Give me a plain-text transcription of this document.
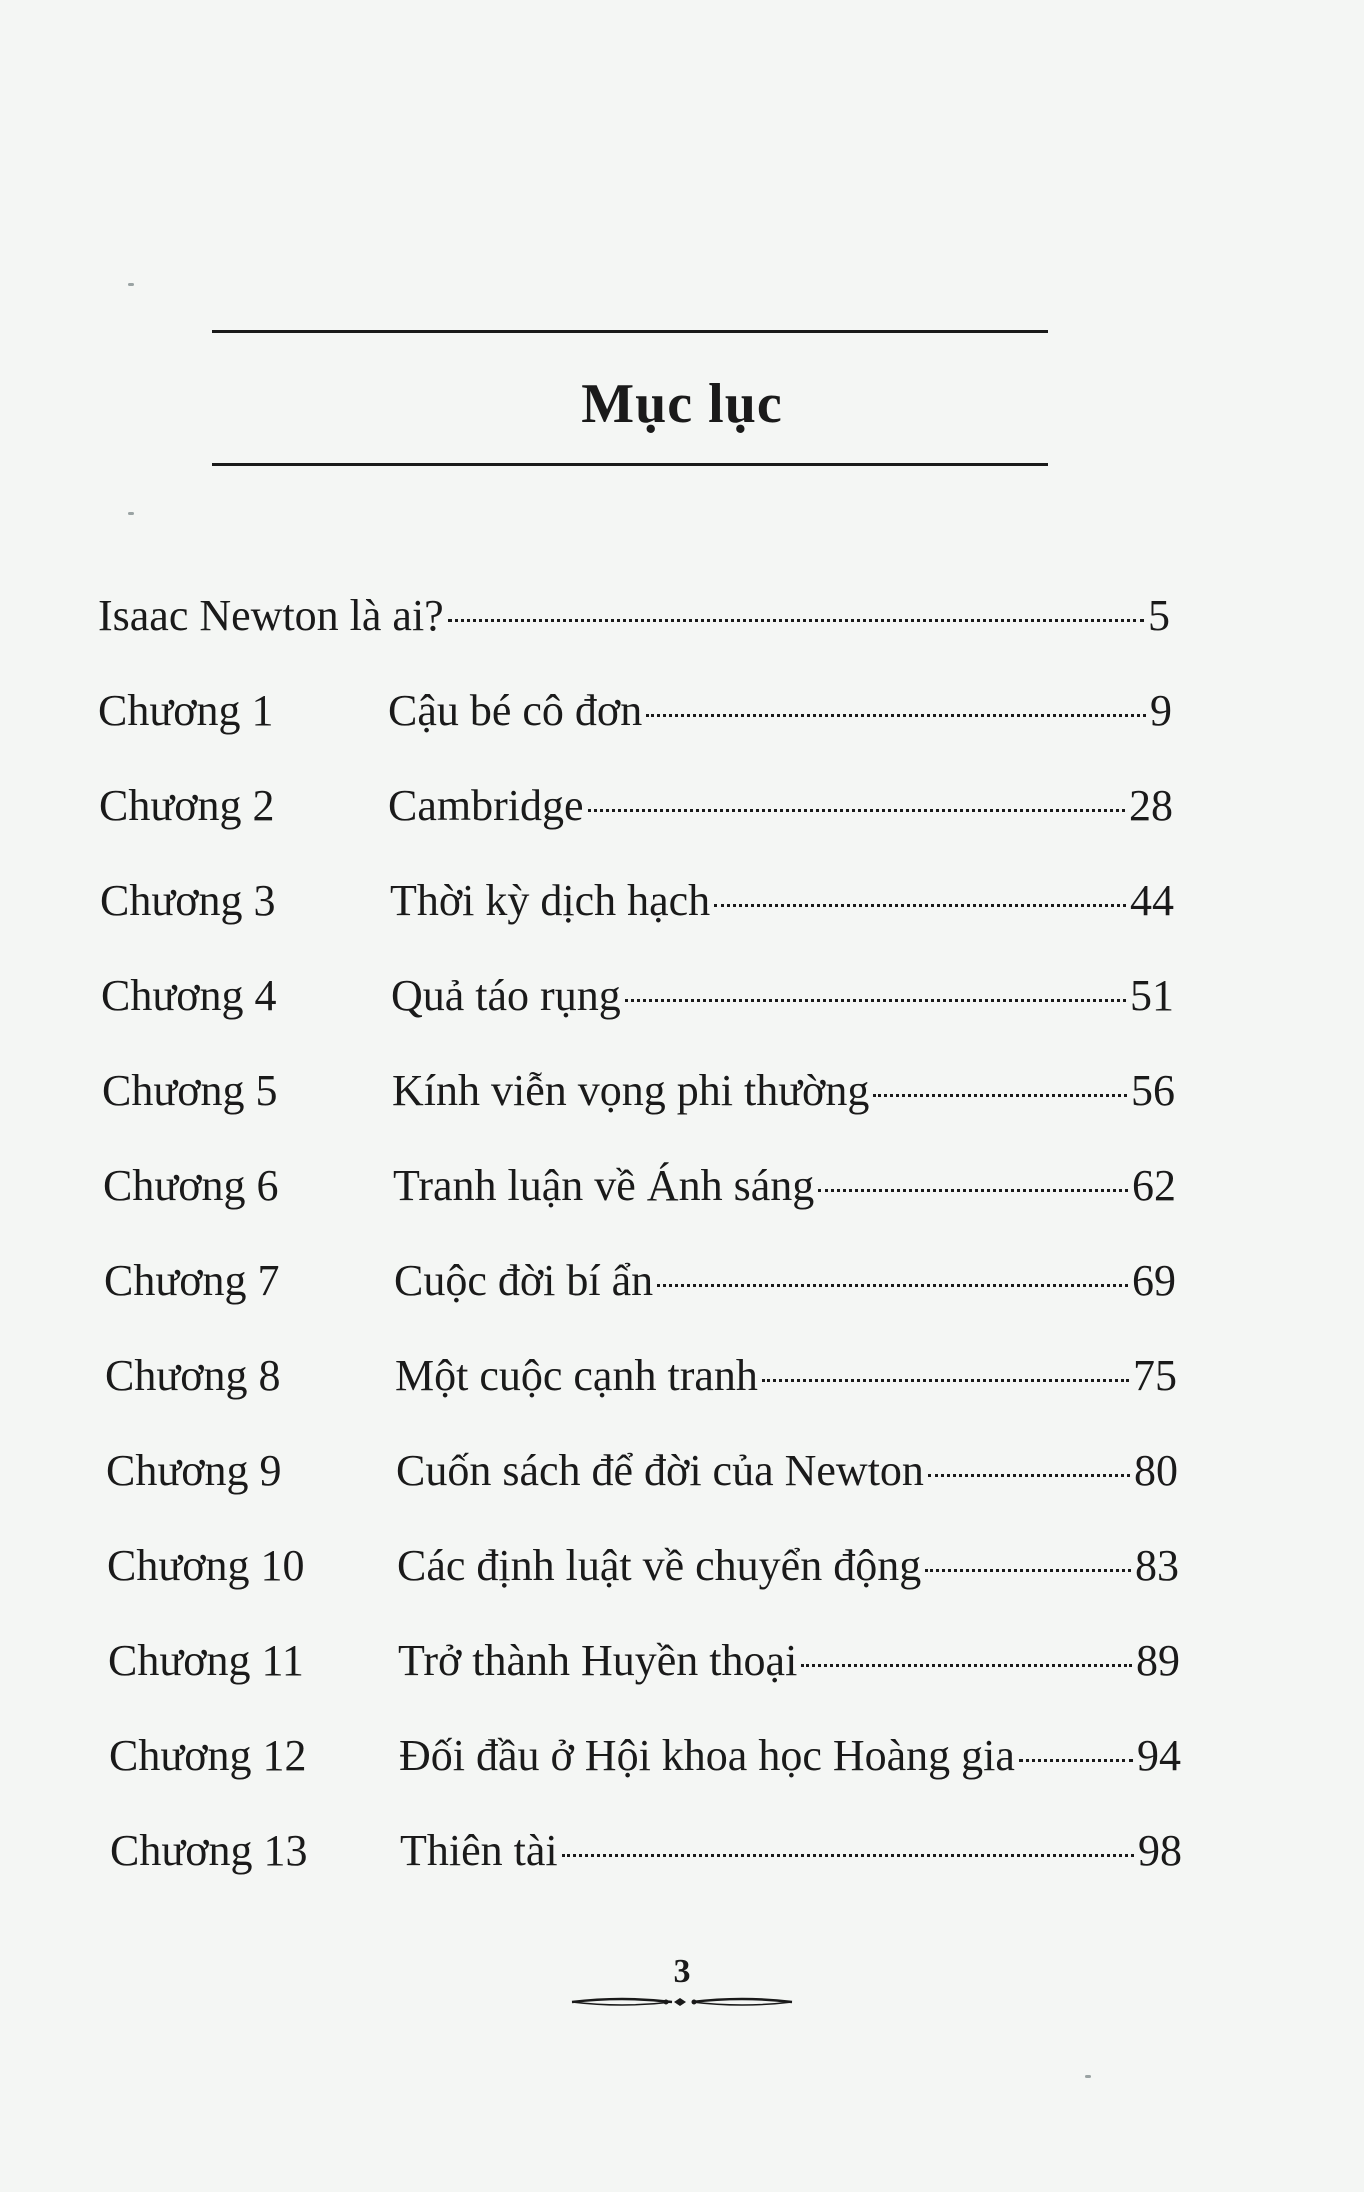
Mục lục
Isaac Newton là ai?	5
Chương 1	Cậu bé cô đơn	9
Chương 2	Cambridge	28
Chương 3	Thời kỳ dịch hạch	44
Chương 4	Quả táo rụng	51
Chương 5	Kính viễn vọng phi thường	56
Chương 6	Tranh luận về Ánh sáng	62
Chương 7	Cuộc đời bí ẩn	69
Chương 8	Một cuộc cạnh tranh	75
Chương 9	Cuốn sách để đời của Newton	80
Chương 10	Các định luật về chuyển động	83
Chương 11	Trở thành Huyền thoại	89
Chương 12	Đối đầu ở Hội khoa học Hoàng gia	94
Chương 13	Thiên tài	98
3
